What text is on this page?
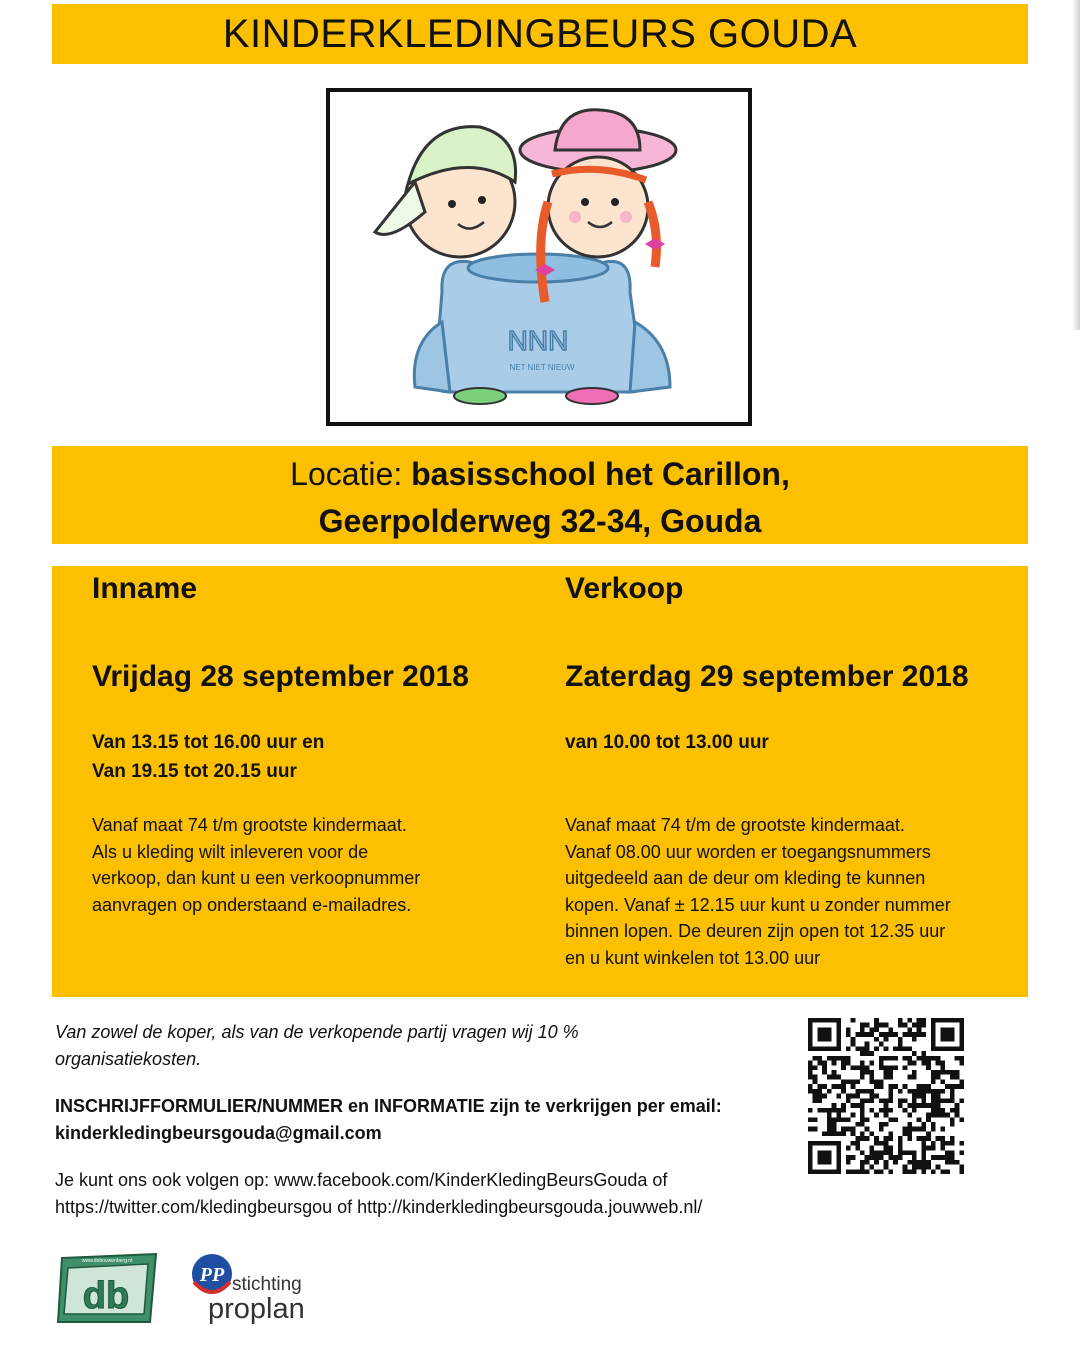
KINDERKLEDINGBEURS GOUDA
NNN
NET NIET NIEUW
Locatie: basisschool het Carillon,
Geerpolderweg 32-34, Gouda
Inname
Vrijdag 28 september 2018
Van 13.15 tot 16.00 uur en
Van 19.15 tot 20.15 uur
Vanaf maat 74 t/m grootste kindermaat.
Als u kleding wilt inleveren voor de
verkoop, dan kunt u een verkoopnummer
aanvragen op onderstaand e-mailadres.
Verkoop
Zaterdag 29 september 2018
van 10.00 tot 13.00 uur
Vanaf maat 74 t/m de grootste kindermaat.
Vanaf 08.00 uur worden er toegangsnummers
uitgedeeld aan de deur om kleding te kunnen
kopen. Vanaf ± 12.15 uur kunt u zonder nummer
binnen lopen. De deuren zijn open tot 12.35 uur
en u kunt winkelen tot 13.00 uur
Van zowel de koper, als van de verkopende partij vragen wij 10 %
organisatiekosten.
INSCHRIJFFORMULIER/NUMMER en INFORMATIE zijn te verkrijgen per email:
kinderkledingbeursgouda@gmail.com
Je kunt ons ook volgen op: www.facebook.com/KinderKledingBeursGouda of
https://twitter.com/kledingbeursgou of http://kinderkledingbeursgouda.jouwweb.nl/
www.dobouwenberg.nl
db	PP stichting
proplan
